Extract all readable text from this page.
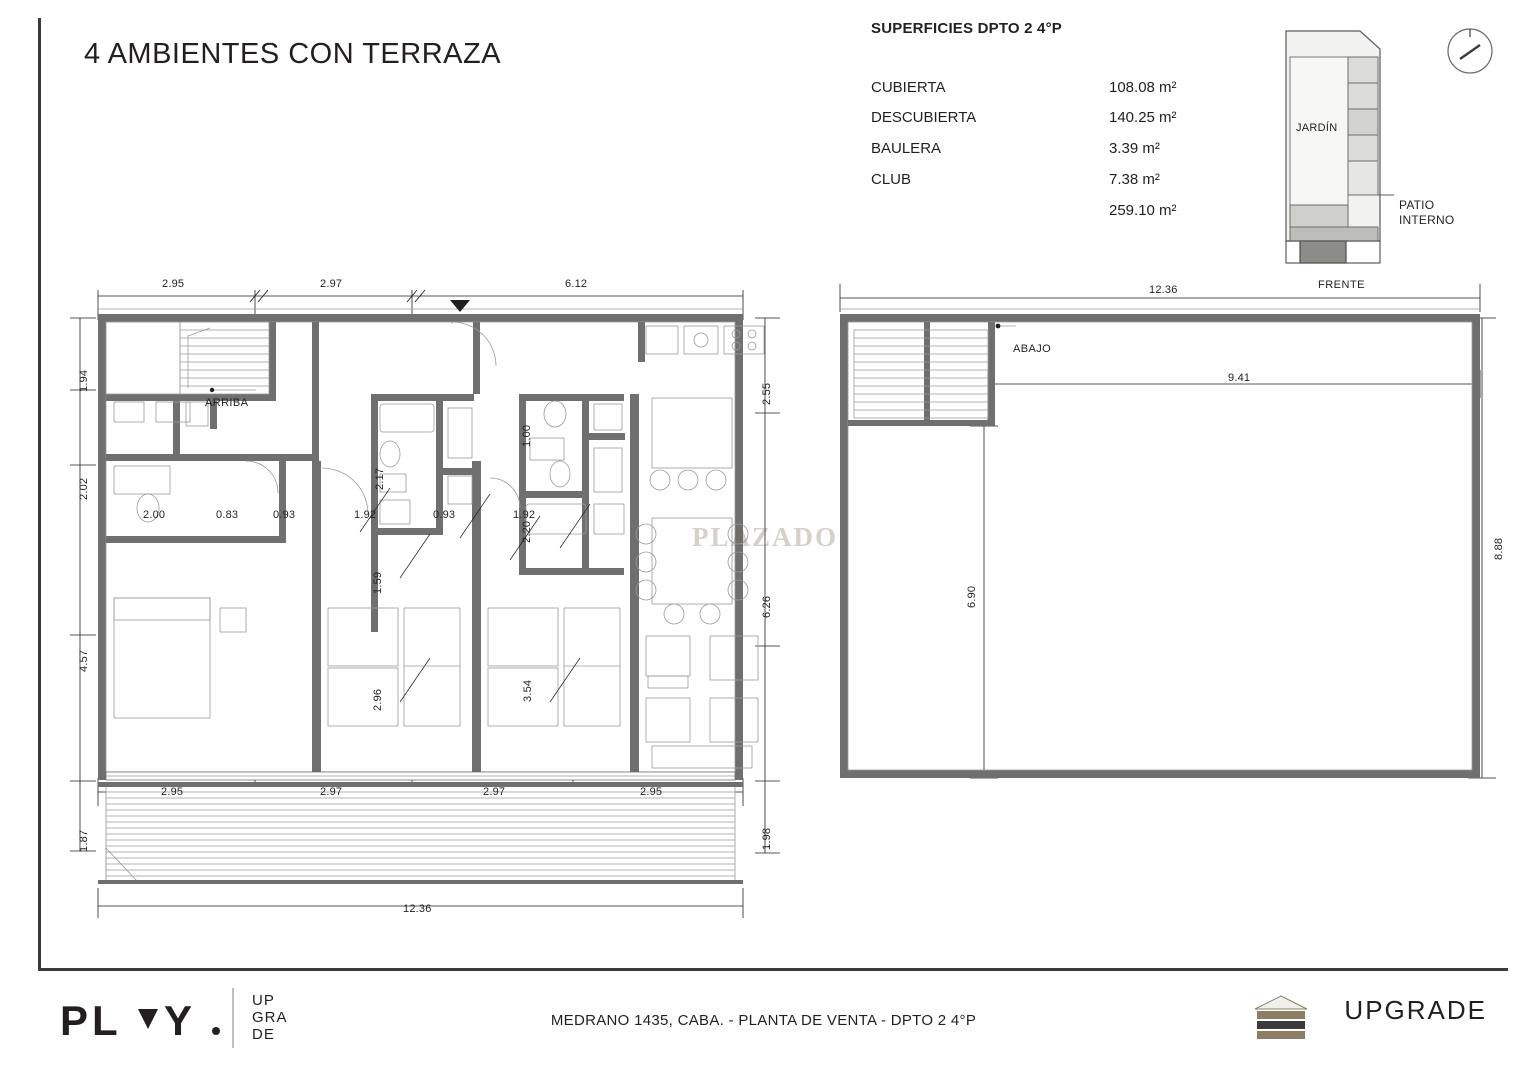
4 AMBIENTES CON TERRAZA
SUPERFICIES DPTO 2 4°P
CUBIERTA	108.08 m²
DESCUBIERTA	140.25 m²
BAULERA	3.39 m²
CLUB	7.38 m²
259.10 m²
JARDÍN
PATIO
INTERNO
FRENTE
2.95	2.97	6.12
1.94
2.02
4.57
1.87
2.55
6.26
1.98
2.95	2.97	2.97	2.95
12.36
2.00	0.83	0.93
2.17
1.92	0.93
1.00
1.92
2.20
1.59
2.96	3.54
ARRIBA
PLAZADO
12.36
9.41
8.88
6.90
ABAJO
MEDRANO 1435, CABA. - PLANTA DE VENTA - DPTO 2 4°P
PL Y	UP
GRA
DE
UPGRADE
